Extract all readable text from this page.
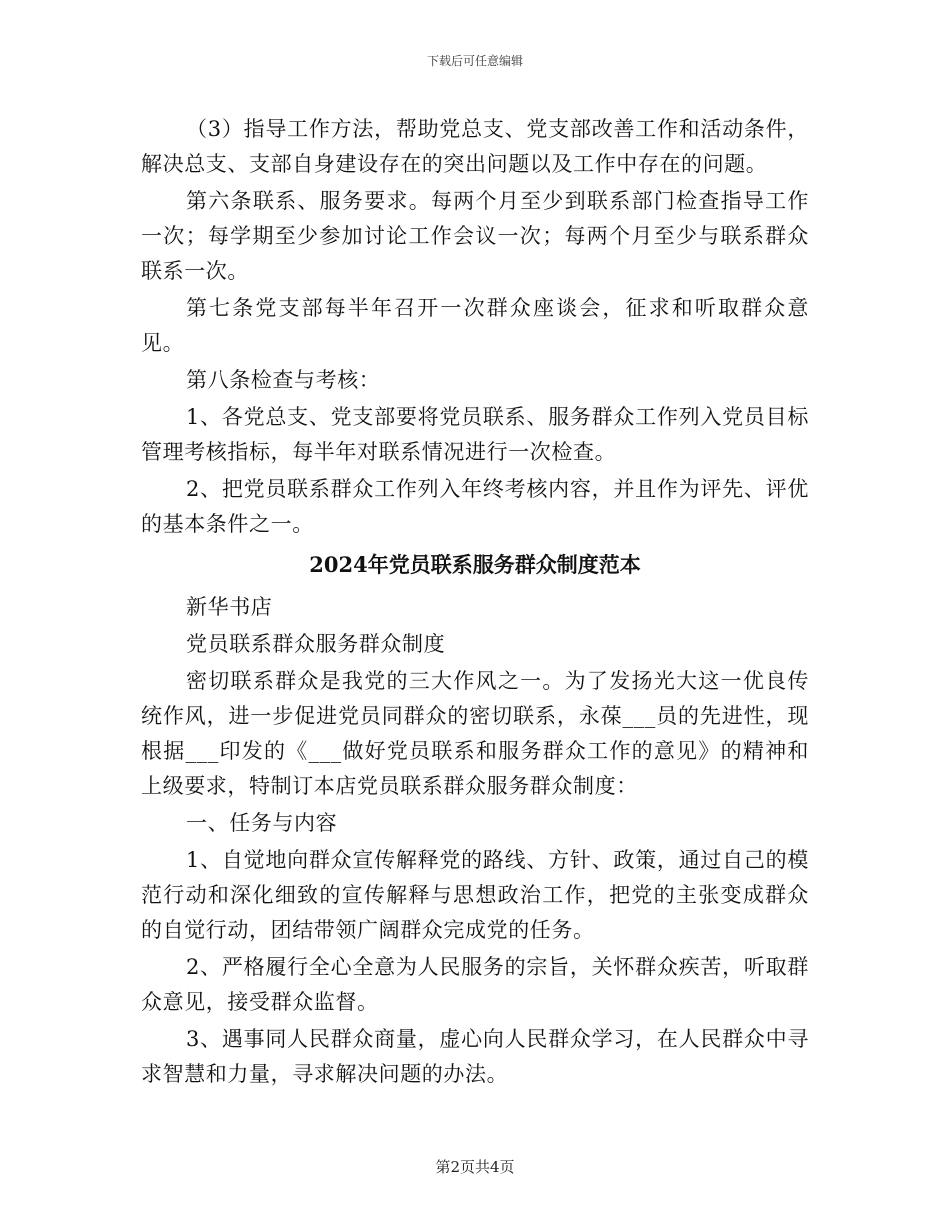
下载后可任意编辑

（3）指导工作方法，帮助党总支、党支部改善工作和活动条件，解决总支、支部自身建设存在的突出问题以及工作中存在的问题。

第六条联系、服务要求。每两个月至少到联系部门检查指导工作一次；每学期至少参加讨论工作会议一次；每两个月至少与联系群众联系一次。

第七条党支部每半年召开一次群众座谈会，征求和听取群众意见。

第八条检查与考核：

1、各党总支、党支部要将党员联系、服务群众工作列入党员目标管理考核指标，每半年对联系情况进行一次检查。

2、把党员联系群众工作列入年终考核内容，并且作为评先、评优的基本条件之一。

2024年党员联系服务群众制度范本

新华书店

党员联系群众服务群众制度

密切联系群众是我党的三大作风之一。为了发扬光大这一优良传统作风，进一步促进党员同群众的密切联系，永葆___员的先进性，现根据___印发的《___做好党员联系和服务群众工作的意见》的精神和上级要求，特制订本店党员联系群众服务群众制度：

一、任务与内容

1、自觉地向群众宣传解释党的路线、方针、政策，通过自己的模范行动和深化细致的宣传解释与思想政治工作，把党的主张变成群众的自觉行动，团结带领广阔群众完成党的任务。

2、严格履行全心全意为人民服务的宗旨，关怀群众疾苦，听取群众意见，接受群众监督。

3、遇事同人民群众商量，虚心向人民群众学习，在人民群众中寻求智慧和力量，寻求解决问题的办法。

第2页共4页
